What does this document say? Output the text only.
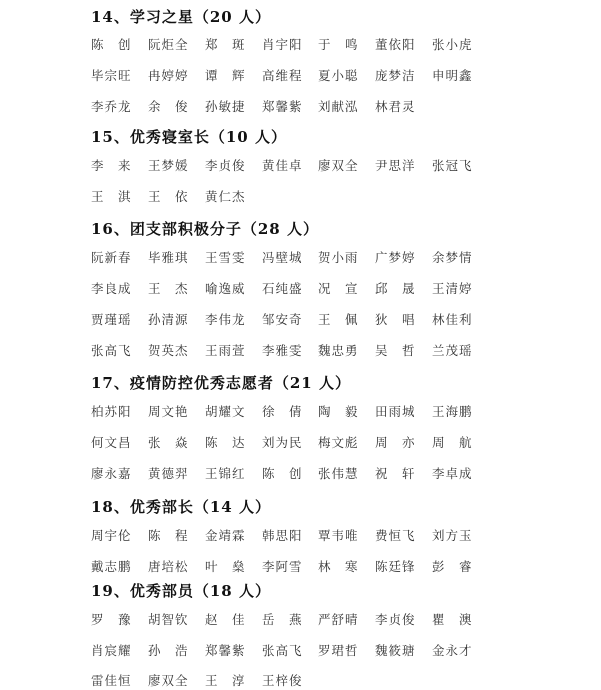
14、学习之星（20 人）
陈　创 阮炬全 郑　斑 肖宇阳 于　鸣 董依阳 张小虎
毕宗旺 冉婷婷 谭　辉 高维程 夏小聪 庞梦洁 申明鑫
李乔龙 余　俊 孙敏捷 郑馨紫 刘献泓 林君灵
15、优秀寝室长（10 人）
李　来 王梦媛 李贞俊 黄佳卓 廖双全 尹思洋 张冠飞
王　淇 王　依 黄仁杰
16、团支部积极分子（28 人）
阮新春 毕雅琪 王雪雯 冯壁城 贺小雨 广梦婷 余梦情
李良成 王　杰 喻逸威 石纯盛 况　宣 邱　晟 王清婷
贾瑾瑶 孙清源 李伟龙 邹安奇 王　佩 狄　唱 林佳利
张高飞 贺英杰 王雨萱 李雅雯 魏忠勇 吴　哲 兰茂瑶
17、疫情防控优秀志愿者（21 人）
柏苏阳 周文艳 胡耀文 徐　倩 陶　毅 田雨城 王海鹏
何文昌 张　焱 陈　达 刘为民 梅文彪 周　亦 周　航
廖永嘉 黄德羿 王锦红 陈　创 张伟慧 祝　轩 李卓成
18、优秀部长（14 人）
周宇伦 陈　程 金靖霖 韩思阳 覃韦唯 费恒飞 刘方玉
戴志鹏 唐培松 叶　燊 李阿雪 林　寒 陈廷锋 彭　睿
19、优秀部员（18 人）
罗　豫 胡智钦 赵　佳 岳　燕 严舒晴 李贞俊 瞿　澳
肖宸耀 孙　浩 郑馨紫 张高飞 罗珺哲 魏筱瑭 金永才
雷佳恒 廖双全 王　淳 王梓俊
